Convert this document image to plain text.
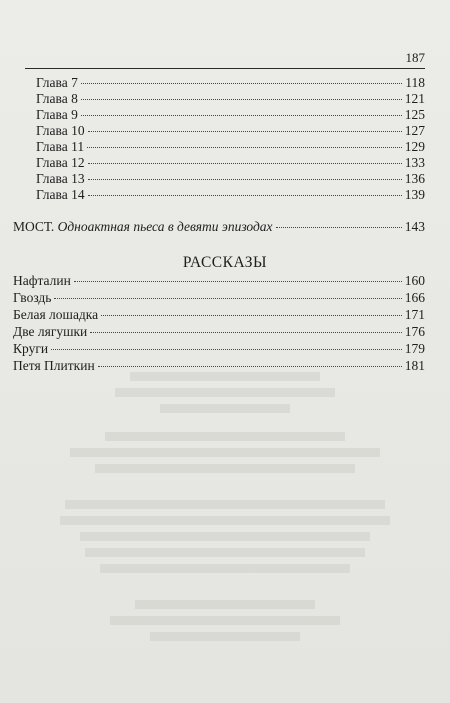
187
Глава 7	118
Глава 8	121
Глава 9	125
Глава 10	127
Глава 11	129
Глава 12	133
Глава 13	136
Глава 14	139
МОСТ. Одноактная пьеса в девяти эпизодах	143
РАССКАЗЫ
Нафталин	160
Гвоздь	166
Белая лошадка	171
Две лягушки	176
Круги	179
Петя Плиткин	181
